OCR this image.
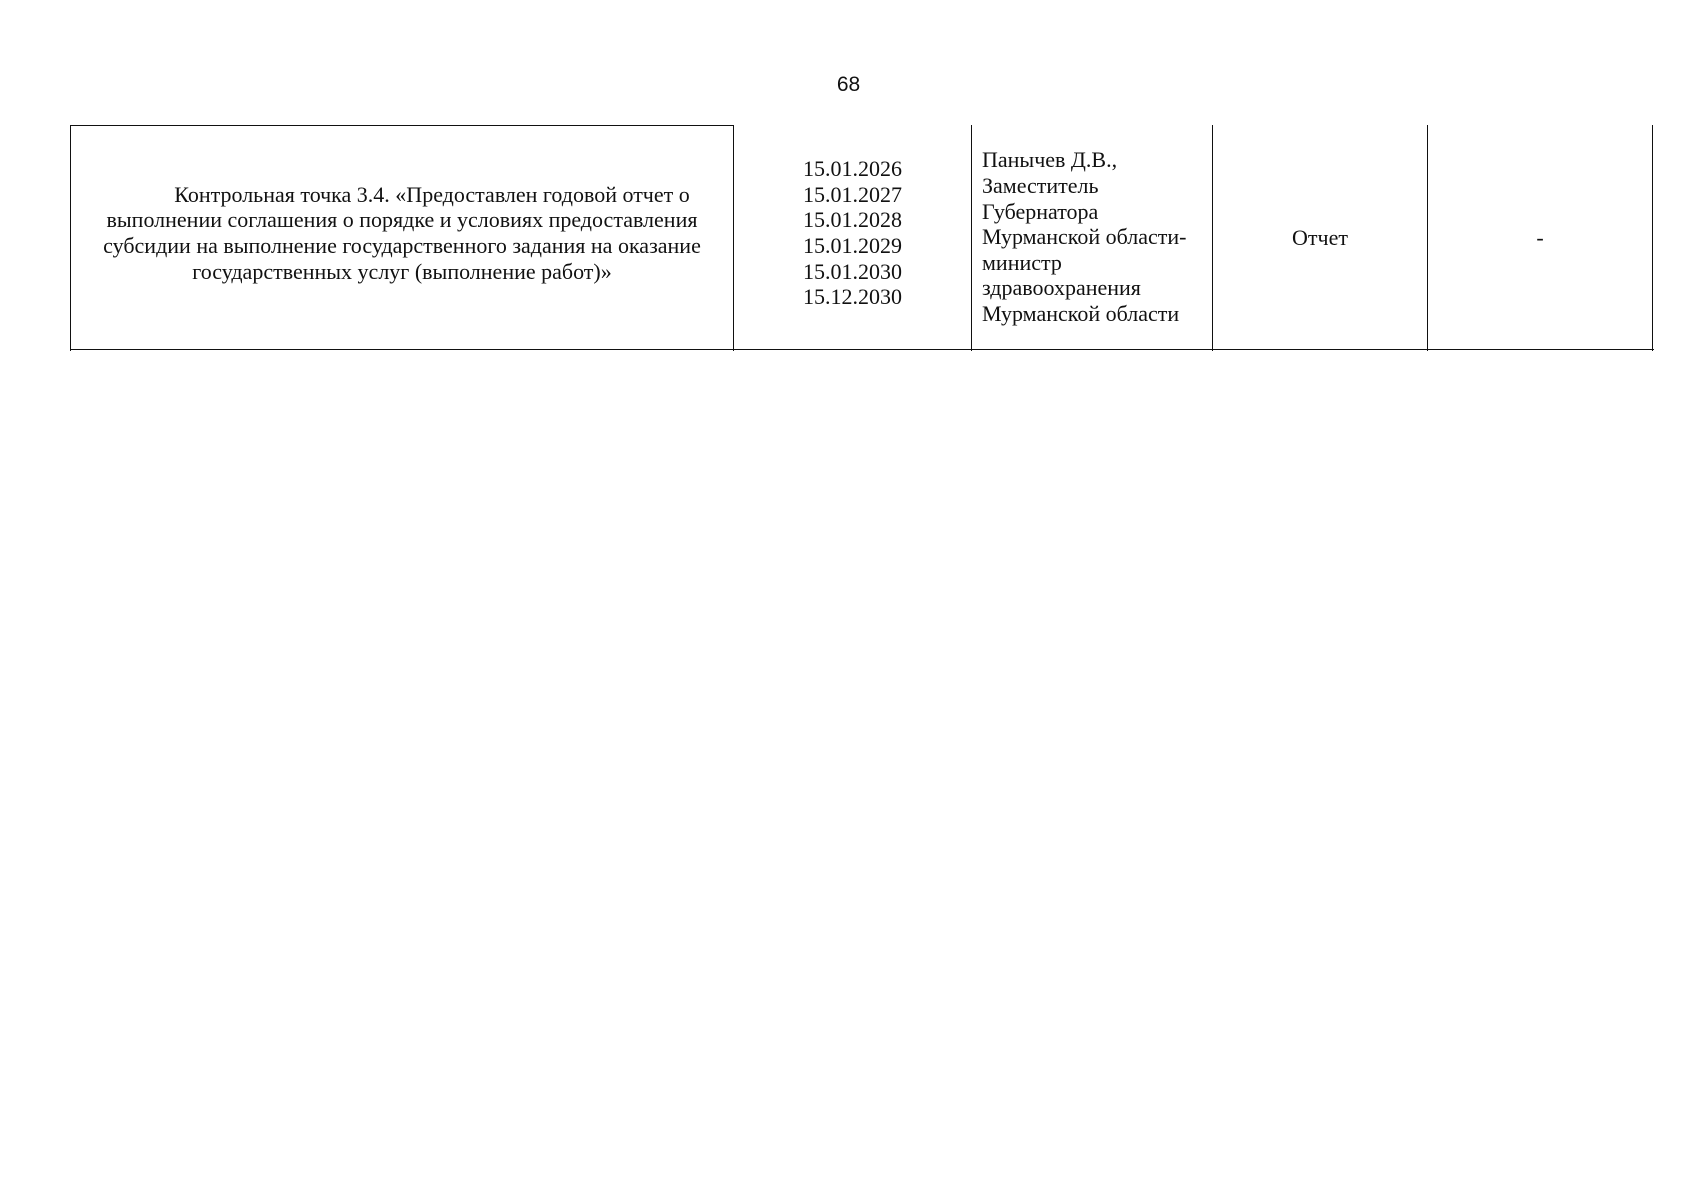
68
Контрольная точка 3.4. «Предоставлен годовой отчет о выполнении соглашения о порядке и условиях предоставления субсидии на выполнение государственного задания на оказание государственных услуг (выполнение работ)»
15.01.2026
15.01.2027
15.01.2028
15.01.2029
15.01.2030
15.12.2030
Панычев Д.В.,
Заместитель
Губернатора
Мурманской области-
министр
здравоохранения
Мурманской области
Отчет	-
